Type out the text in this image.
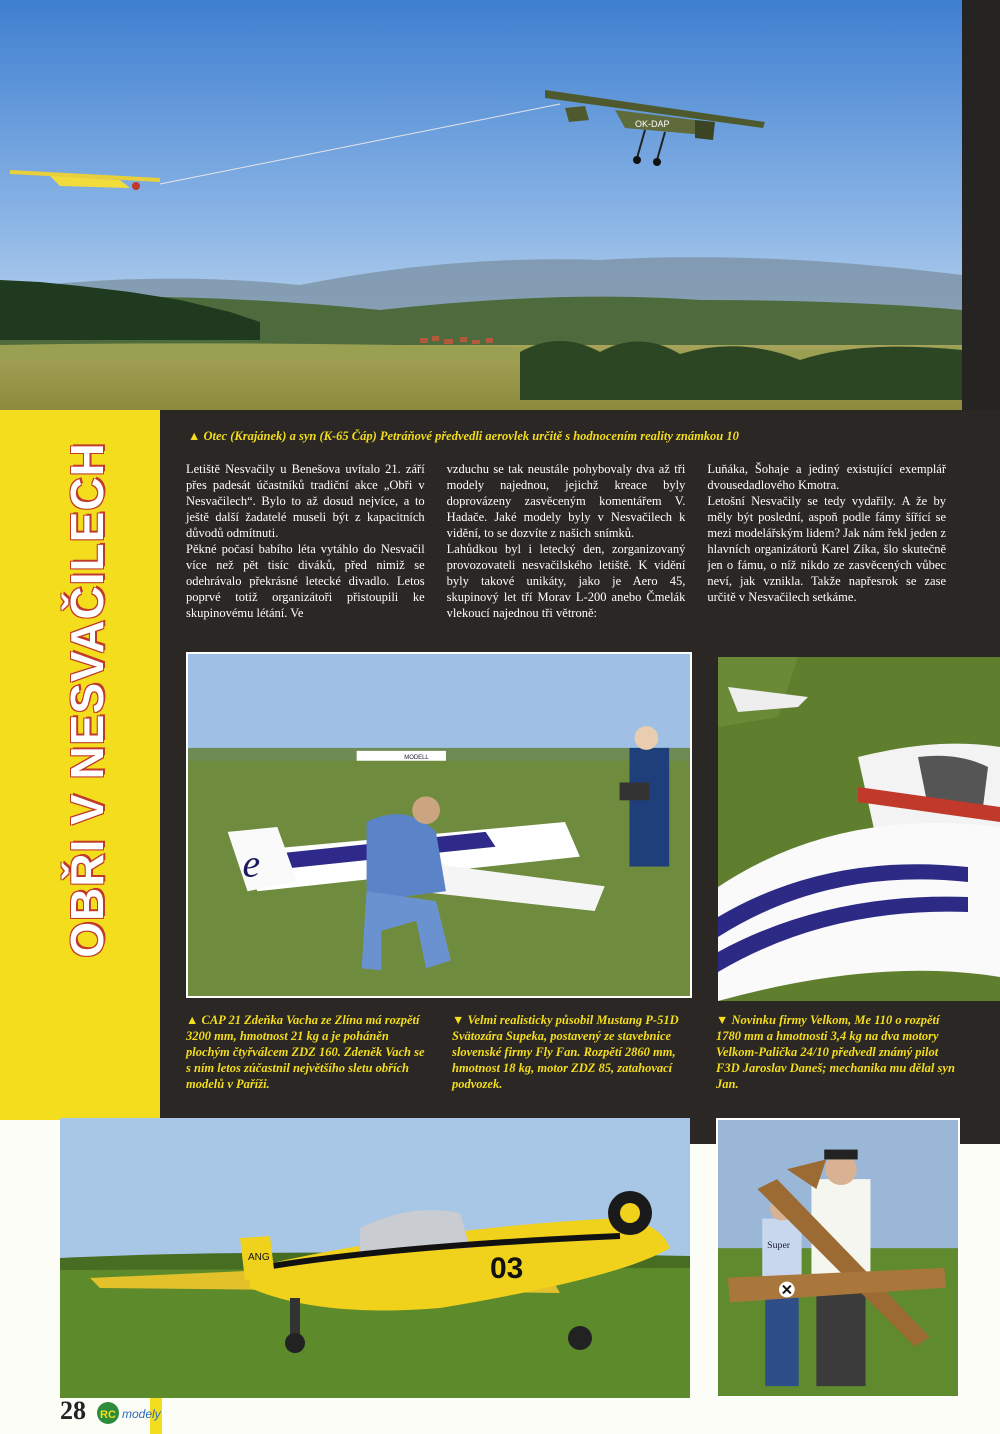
OBŘI V NESVAČILECH
OK-DAP
▲ Otec (Krajánek) a syn (K-65 Čáp) Petráňové předvedli aerovlek určitě s hodnocením reality známkou 10

Letiště Nesvačily u Benešova uvítalo 21. září přes padesát účastníků tradiční akce „Obři v Nesvačilech“. Bylo to až dosud nejvíce, a to ještě další žadatelé museli být z kapacitních důvodů odmítnuti.

Pěkné počasí babího léta vytáhlo do Nesvačil více než pět tisíc diváků, před nimiž se odehrávalo překrásné letecké divadlo. Letos poprvé totiž organizátoři přistoupili ke skupinovému létání. Ve

vzduchu se tak neustále pohybovaly dva až tři modely najednou, jejichž kreace byly doprovázeny zasvěceným komentářem V. Hadače. Jaké modely byly v Nesvačilech k vidění, to se dozvíte z našich snímků.

Lahůdkou byl i letecký den, zorganizovaný provozovateli nesvačilského letiště. K vidění byly takové unikáty, jako je Aero 45, skupinový let tří Morav L-200 anebo Čmelák vlekoucí najednou tři větroně:

Luňáka, Šohaje a jediný existující exemplář dvousedadlového Kmotra.

Letošní Nesvačily se tedy vydařily. A že by měly být poslední, aspoň podle fámy šířící se mezi modelářským lidem? Jak nám řekl jeden z hlavních organizátorů Karel Zíka, šlo skutečně jen o fámu, o níž nikdo ze zasvěcených vůbec neví, jak vznikla. Takže napřesrok se zase určitě v Nesvačilech setkáme.

MODELL
e
▲ CAP 21 Zdeňka Vacha ze Zlína má rozpětí 3200 mm, hmotnost 21 kg a je poháněn plochým čtyřválcem ZDZ 160. Zdeněk Vach se s ním letos zúčastnil největšího sletu obřích modelů v Paříži.
▼ Velmi realisticky působil Mustang P-51D Svätozára Supeka, postavený ze stavebnice slovenské firmy Fly Fan. Rozpětí 2860 mm, hmotnost 18 kg, motor ZDZ 85, zatahovací podvozek.
▼ Novinku firmy Velkom, Me 110 o rozpětí 1780 mm a hmotnosti 3,4 kg na dva motory Velkom-Palička 24/10 předvedl známý pilot F3D Jaroslav Daneš; mechanika mu dělal syn Jan.
ANG	03
Super
28 RC modely
